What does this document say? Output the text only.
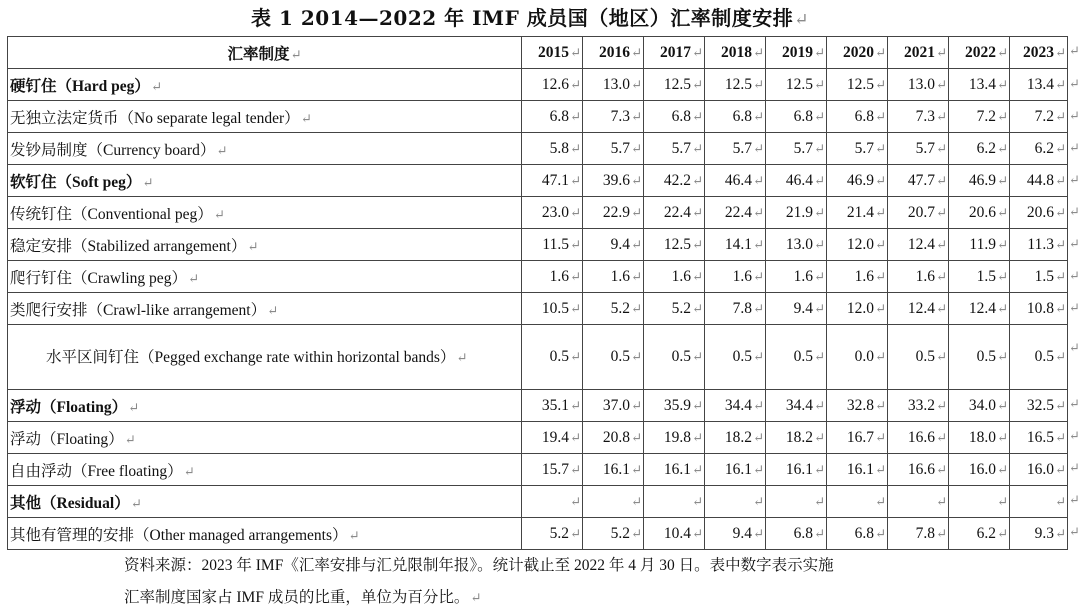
表 1 2014—2022 年 IMF 成员国（地区）汇率制度安排↵
汇率制度↵	2015↵	2016↵	2017↵	2018↵	2019↵	2020↵	2021↵	2022↵	2023↵
硬钉住（Hard peg）↵	12.6↵	13.0↵	12.5↵	12.5↵	12.5↵	12.5↵	13.0↵	13.4↵	13.4↵
无独立法定货币（No separate legal tender）↵	6.8↵	7.3↵	6.8↵	6.8↵	6.8↵	6.8↵	7.3↵	7.2↵	7.2↵
发钞局制度（Currency board）↵	5.8↵	5.7↵	5.7↵	5.7↵	5.7↵	5.7↵	5.7↵	6.2↵	6.2↵
软钉住（Soft peg）↵	47.1↵	39.6↵	42.2↵	46.4↵	46.4↵	46.9↵	47.7↵	46.9↵	44.8↵
传统钉住（Conventional peg）↵	23.0↵	22.9↵	22.4↵	22.4↵	21.9↵	21.4↵	20.7↵	20.6↵	20.6↵
稳定安排（Stabilized arrangement）↵	11.5↵	9.4↵	12.5↵	14.1↵	13.0↵	12.0↵	12.4↵	11.9↵	11.3↵
爬行钉住（Crawling peg）↵	1.6↵	1.6↵	1.6↵	1.6↵	1.6↵	1.6↵	1.6↵	1.5↵	1.5↵
类爬行安排（Crawl-like arrangement）↵	10.5↵	5.2↵	5.2↵	7.8↵	9.4↵	12.0↵	12.4↵	12.4↵	10.8↵
水平区间钉住（Pegged exchange rate within horizontal bands）↵	0.5↵	0.5↵	0.5↵	0.5↵	0.5↵	0.0↵	0.5↵	0.5↵	0.5↵
浮动（Floating）↵	35.1↵	37.0↵	35.9↵	34.4↵	34.4↵	32.8↵	33.2↵	34.0↵	32.5↵
浮动（Floating）↵	19.4↵	20.8↵	19.8↵	18.2↵	18.2↵	16.7↵	16.6↵	18.0↵	16.5↵
自由浮动（Free floating）↵	15.7↵	16.1↵	16.1↵	16.1↵	16.1↵	16.1↵	16.6↵	16.0↵	16.0↵
其他（Residual）↵	↵	↵	↵	↵	↵	↵	↵	↵	↵
其他有管理的安排（Other managed arrangements）↵	5.2↵	5.2↵	10.4↵	9.4↵	6.8↵	6.8↵	7.8↵	6.2↵	9.3↵
↵
↵
↵
↵
↵
↵
↵
↵
↵
↵
↵
↵
↵
↵
↵
资料来源：2023 年 IMF《汇率安排与汇兑限制年报》。统计截止至 2022 年 4 月 30 日。表中数字表示实施
汇率制度国家占 IMF 成员的比重，单位为百分比。↵
